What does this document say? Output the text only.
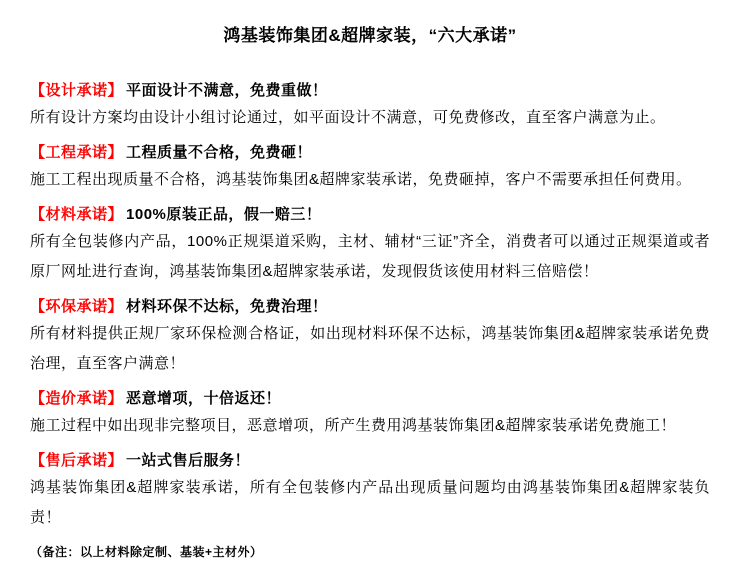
鸿基装饰集团&超牌家装，“六大承诺”

【设计承诺】 平面设计不满意，免费重做！

所有设计方案均由设计小组讨论通过，如平面设计不满意，可免费修改，直至客户满意为止。

【工程承诺】 工程质量不合格，免费砸！

施工工程出现质量不合格，鸿基装饰集团&超牌家装承诺，免费砸掉，客户不需要承担任何费用。

【材料承诺】 100%原装正品，假一赔三！

所有全包装修内产品，100%正规渠道采购，主材、辅材“三证”齐全，消费者可以通过正规渠道或者原厂网址进行查询，鸿基装饰集团&超牌家装承诺，发现假货该使用材料三倍赔偿！

【环保承诺】 材料环保不达标，免费治理！

所有材料提供正规厂家环保检测合格证，如出现材料环保不达标，鸿基装饰集团&超牌家装承诺免费治理，直至客户满意！

【造价承诺】 恶意增项，十倍返还！

施工过程中如出现非完整项目，恶意增项，所产生费用鸿基装饰集团&超牌家装承诺免费施工！

【售后承诺】 一站式售后服务！

鸿基装饰集团&超牌家装承诺，所有全包装修内产品出现质量问题均由鸿基装饰集团&超牌家装负责！

（备注：以上材料除定制、基装+主材外）
